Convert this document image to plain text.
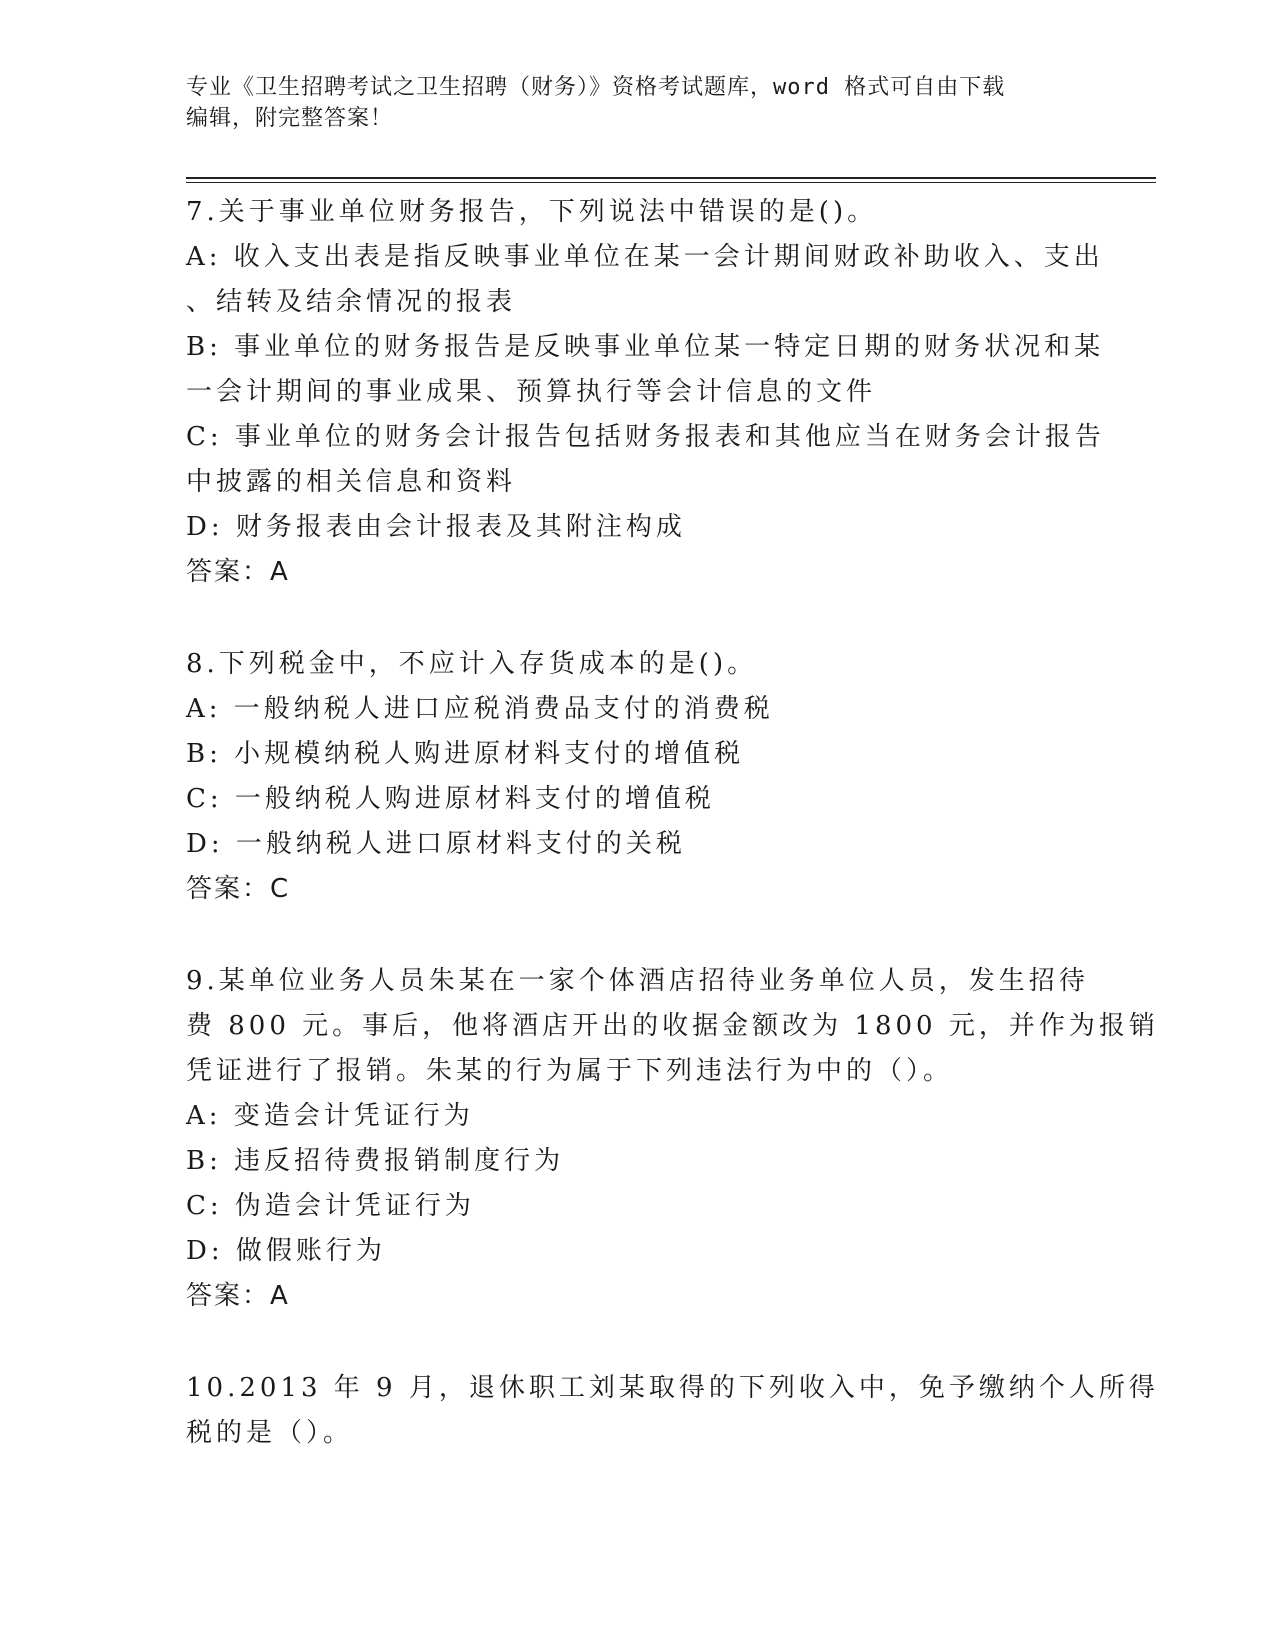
专业《卫生招聘考试之卫生招聘（财务）》资格考试题库，word 格式可自由下载
编辑，附完整答案！
7.关于事业单位财务报告，下列说法中错误的是()。
A: 收入支出表是指反映事业单位在某一会计期间财政补助收入、支出
、结转及结余情况的报表
B: 事业单位的财务报告是反映事业单位某一特定日期的财务状况和某
一会计期间的事业成果、预算执行等会计信息的文件
C: 事业单位的财务会计报告包括财务报表和其他应当在财务会计报告
中披露的相关信息和资料
D: 财务报表由会计报表及其附注构成
答案：A
8.下列税金中，不应计入存货成本的是()。
A: 一般纳税人进口应税消费品支付的消费税
B: 小规模纳税人购进原材料支付的增值税
C: 一般纳税人购进原材料支付的增值税
D: 一般纳税人进口原材料支付的关税
答案：C
9.某单位业务人员朱某在一家个体酒店招待业务单位人员，发生招待
费 800 元。事后，他将酒店开出的收据金额改为 1800 元，并作为报销
凭证进行了报销。朱某的行为属于下列违法行为中的（）。
A: 变造会计凭证行为
B: 违反招待费报销制度行为
C: 伪造会计凭证行为
D: 做假账行为
答案：A
10.2013 年 9 月，退休职工刘某取得的下列收入中，免予缴纳个人所得
税的是（）。
